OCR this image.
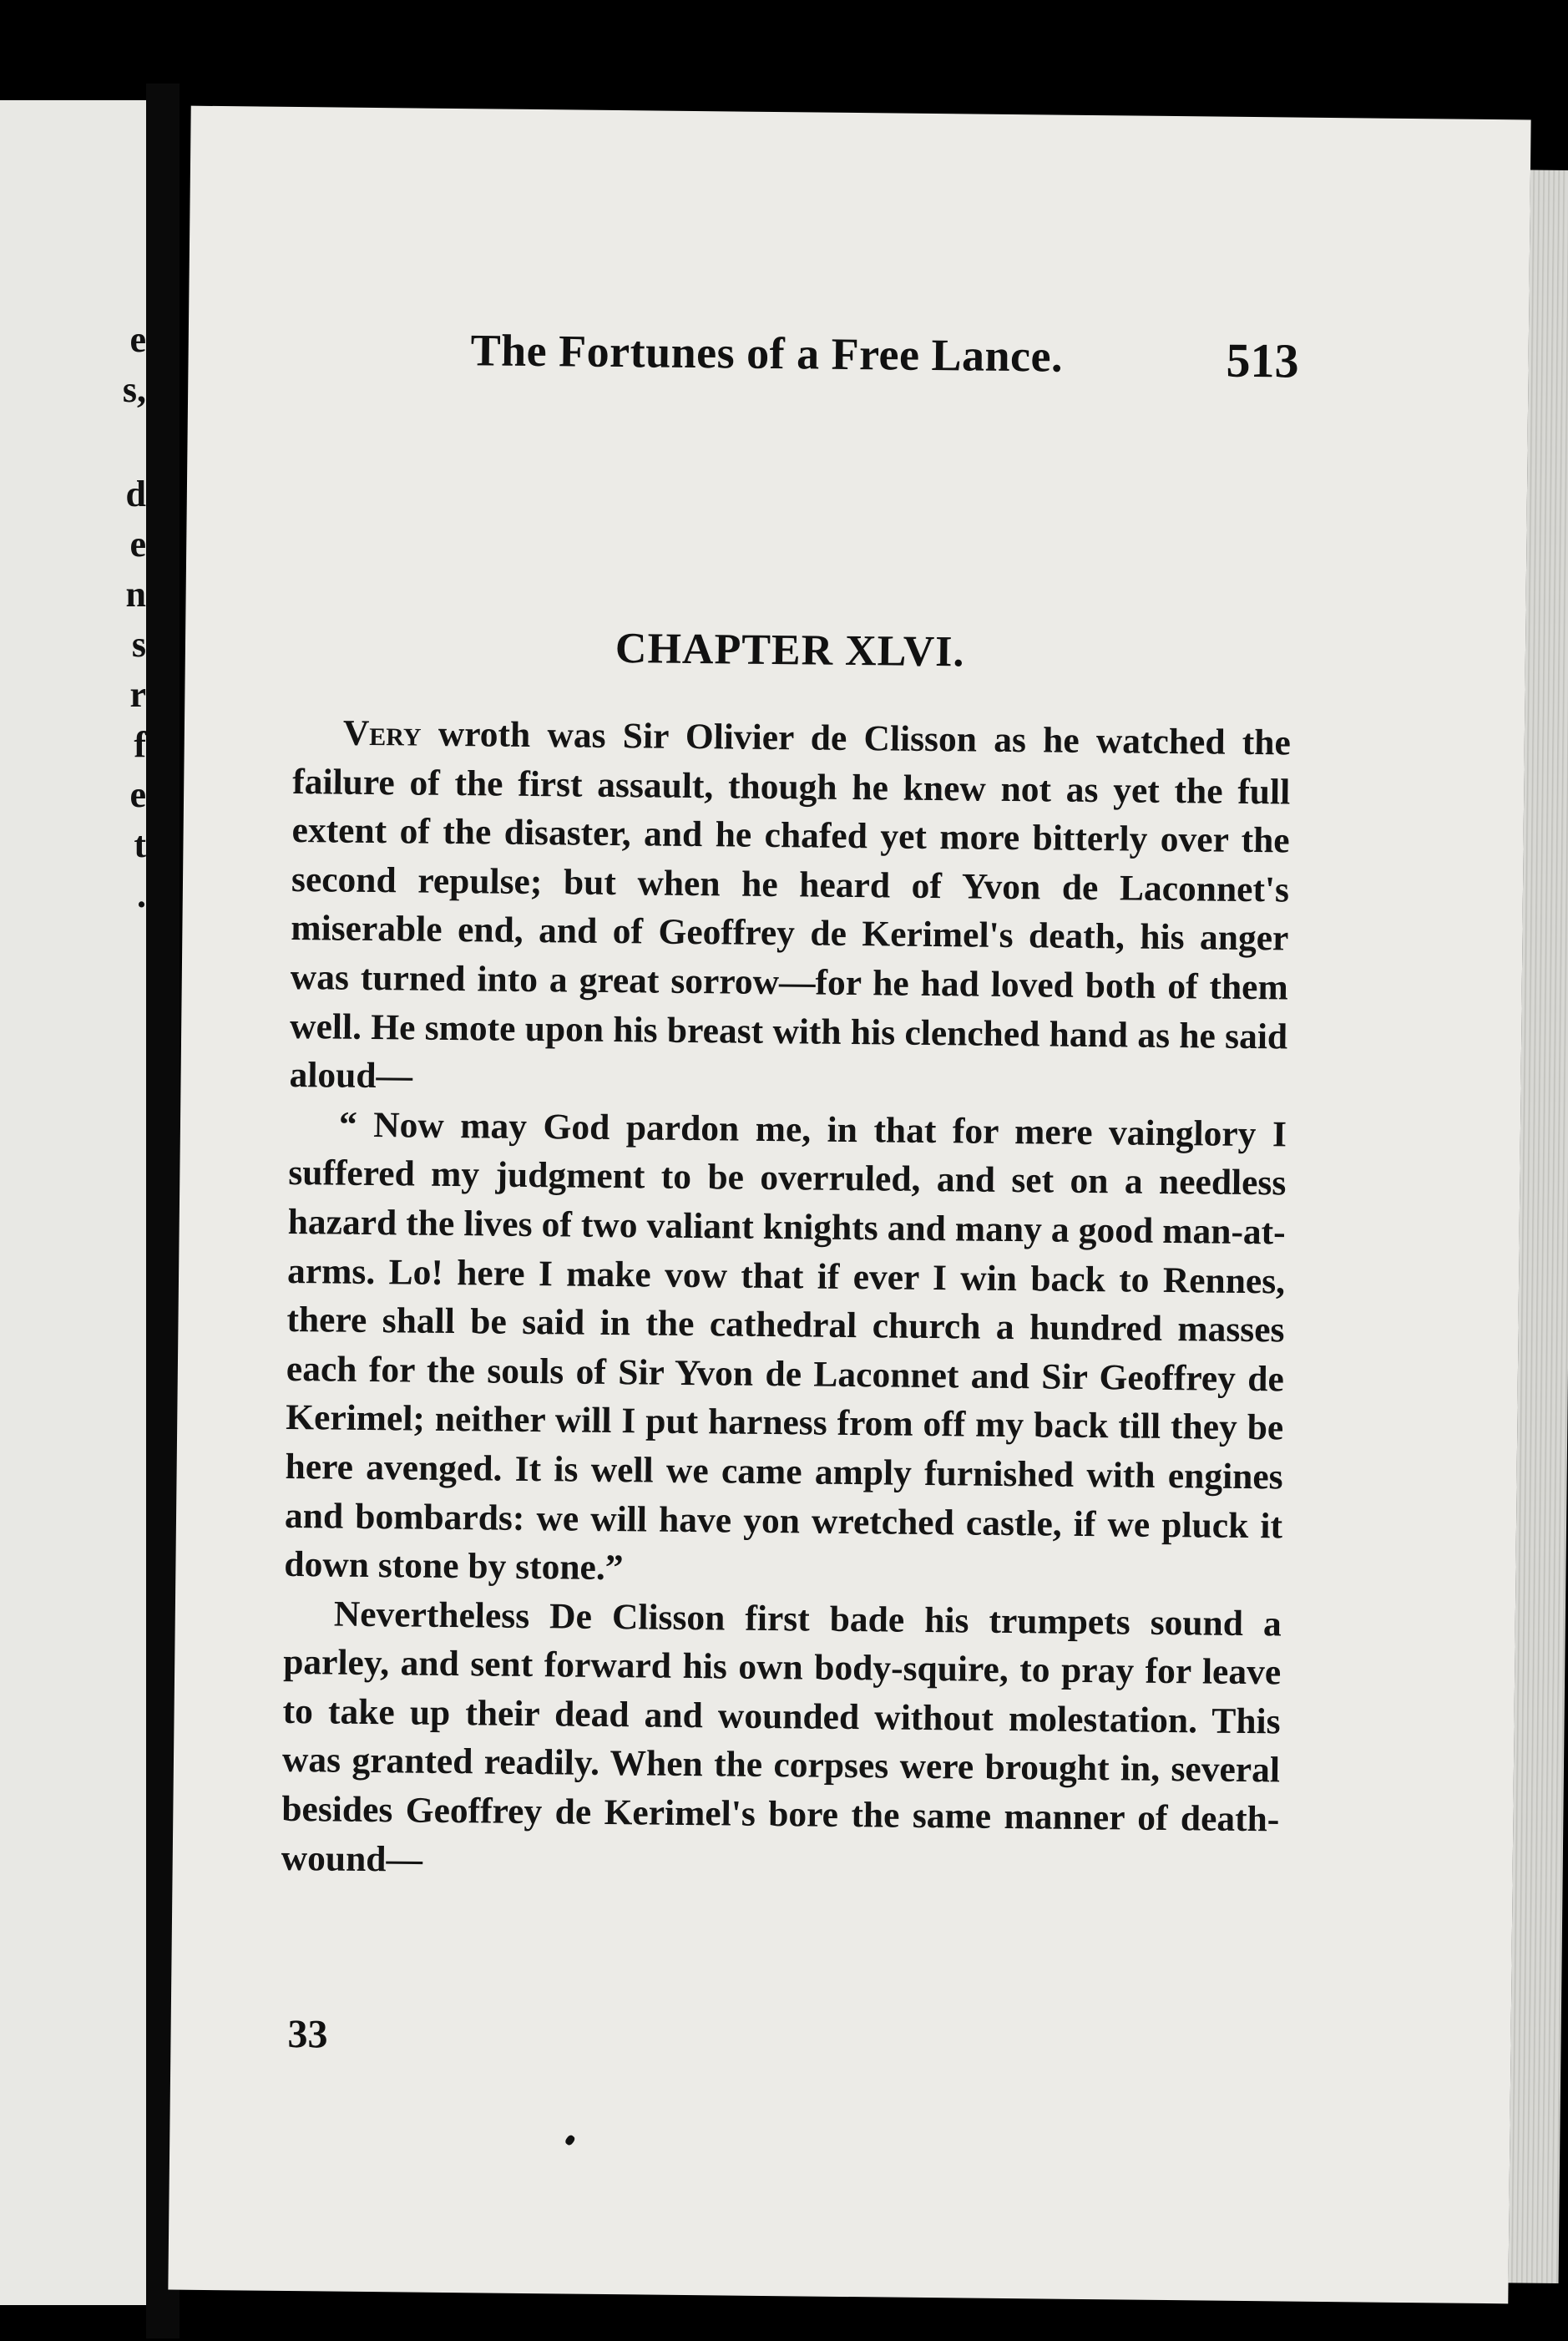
e
s,
d
e
n
s
r
f
e
t
.
The Fortunes of a Free Lance.	513
CHAPTER XLVI.

Very wroth was Sir Olivier de Clisson as he watched the failure of the first assault, though he knew not as yet the full extent of the disaster, and he chafed yet more bitterly over the second repulse; but when he heard of Yvon de Laconnet's miserable end, and of Geoffrey de Kerimel's death, his anger was turned into a great sorrow—for he had loved both of them well. He smote upon his breast with his clenched hand as he said aloud—

“ Now may God pardon me, in that for mere vainglory I suffered my judgment to be overruled, and set on a needless hazard the lives of two valiant knights and many a good man-at-arms. Lo! here I make vow that if ever I win back to Rennes, there shall be said in the cathedral church a hundred masses each for the souls of Sir Yvon de Laconnet and Sir Geoffrey de Kerimel; neither will I put harness from off my back till they be here avenged. It is well we came amply furnished with engines and bombards: we will have yon wretched castle, if we pluck it down stone by stone.”

Nevertheless De Clisson first bade his trumpets sound a parley, and sent forward his own body-squire, to pray for leave to take up their dead and wounded without molestation. This was granted readily. When the corpses were brought in, several besides Geoffrey de Kerimel's bore the same manner of death-wound—

33
